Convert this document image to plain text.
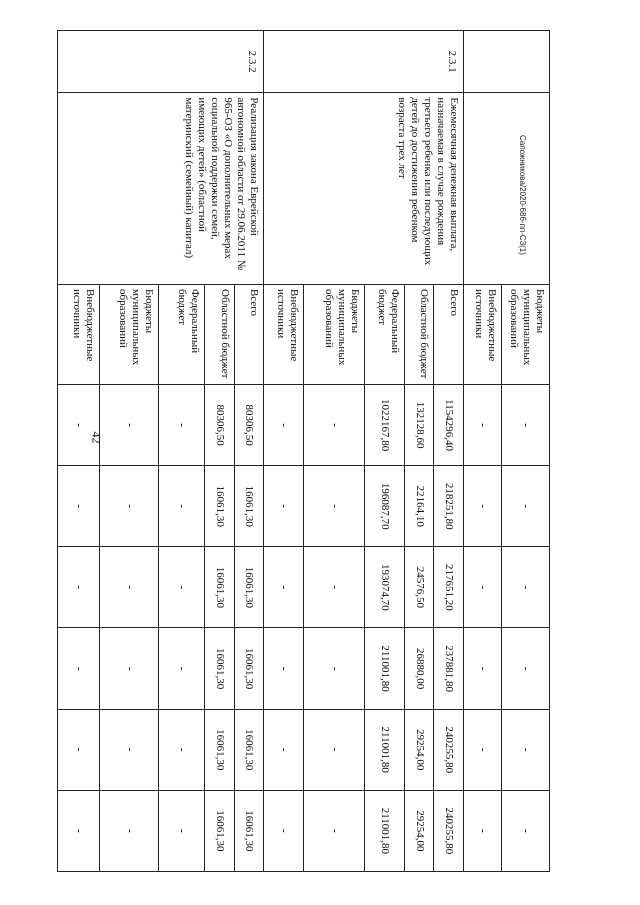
42
Сапожникова/2020-686-пп-C3(1)
		Бюджеты муниципальных образований	-	-	-	-	-	-
		Внебюджетные источники	-	-	-	-	-	-
2.3.1	Ежемесячная денежная выплата, назначаемая в случае рождения третьего ребенка или последующих детей до достижения ребенком возраста трех лет	Всего	1154296,40	218251,80	217651,20	237881,80	240255,80	240255,80
		Областной бюджет	132128,60	22164,10	24576,50	26880,00	29254,00	29254,00
		Федеральный бюджет	1022167,80	196087,70	193074,70	211001,80	211001,80	211001,80
		Бюджеты муниципальных образований	-	-	-	-	-	-
		Внебюджетные источники	-	-	-	-	-	-
2.3.2	Реализация закона Еврейской автономной области от 29.06.2011 № 965-ОЗ «О дополнительных мерах социальной поддержки семей, имеющих детей» (областной материнский (семейный) капитал)	Всего	80306,50	16061,30	16061,30	16061,30	16061,30	16061,30
		Областной бюджет	80306,50	16061,30	16061,30	16061,30	16061,30	16061,30
		Федеральный бюджет	-	-	-	-	-	-
		Бюджеты муниципальных образований	-	-	-	-	-	-
		Внебюджетные источники	-	-	-	-	-	-
